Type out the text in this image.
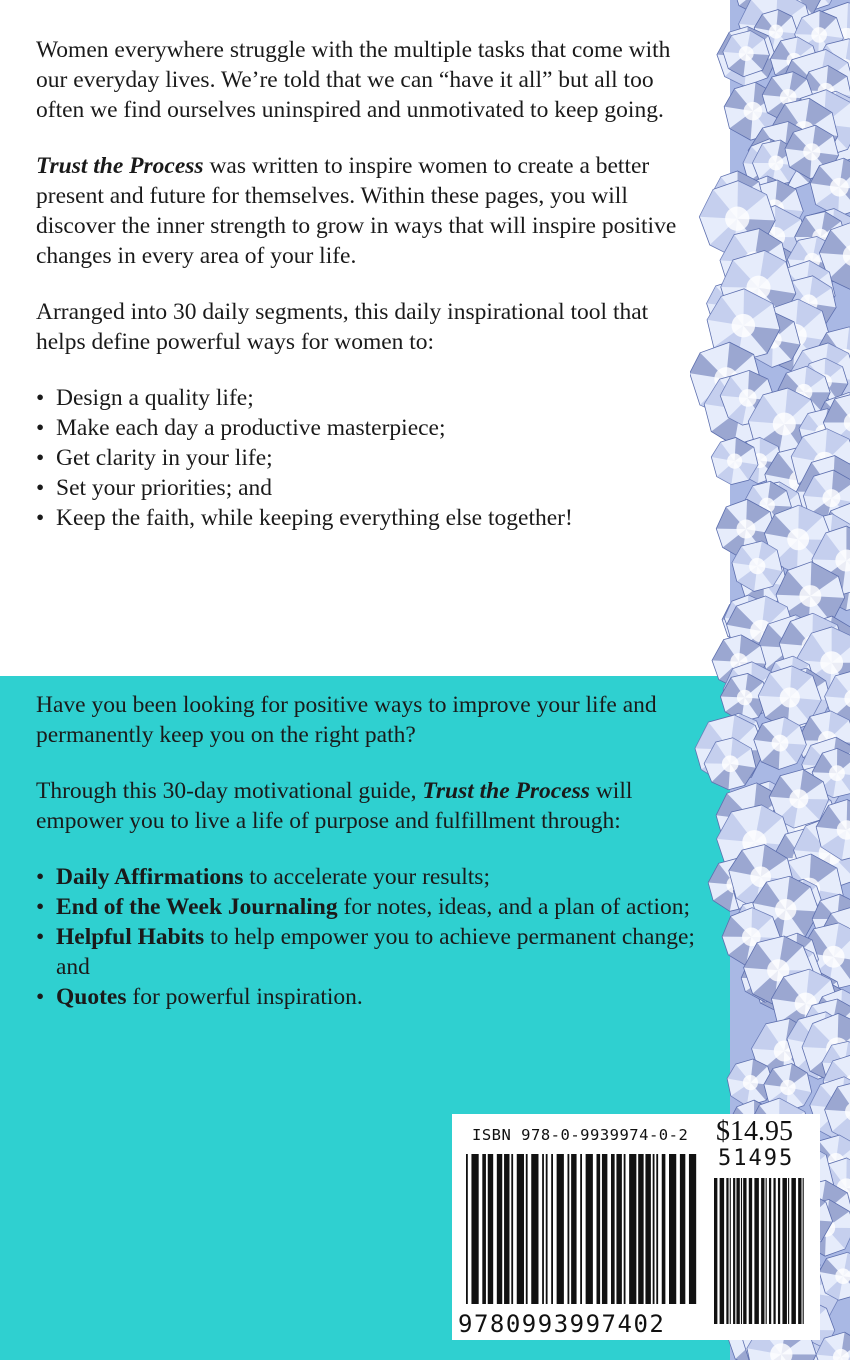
Women everywhere struggle with the multiple tasks that come with our everyday lives. We’re told that we can “have it all” but all too often we find ourselves uninspired and unmotivated to keep going.

Trust the Process was written to inspire women to create a better present and future for themselves. Within these pages, you will discover the inner strength to grow in ways that will inspire positive changes in every area of your life.

Arranged into 30 daily segments, this daily inspirational tool that helps define powerful ways for women to:

• Design a quality life;
• Make each day a productive masterpiece;
• Get clarity in your life;
• Set your priorities; and
• Keep the faith, while keeping everything else together!

Have you been looking for positive ways to improve your life and permanently keep you on the right path?

Through this 30-day motivational guide, Trust the Process will empower you to live a life of purpose and fulfillment through:

• Daily Affirmations to accelerate your results;
• End of the Week Journaling for notes, ideas, and a plan of action;
• Helpful Habits to help empower you to achieve permanent change; and
• Quotes for powerful inspiration.
ISBN 978-0-9939974-0-2 $14.95
51495
9780993997402
